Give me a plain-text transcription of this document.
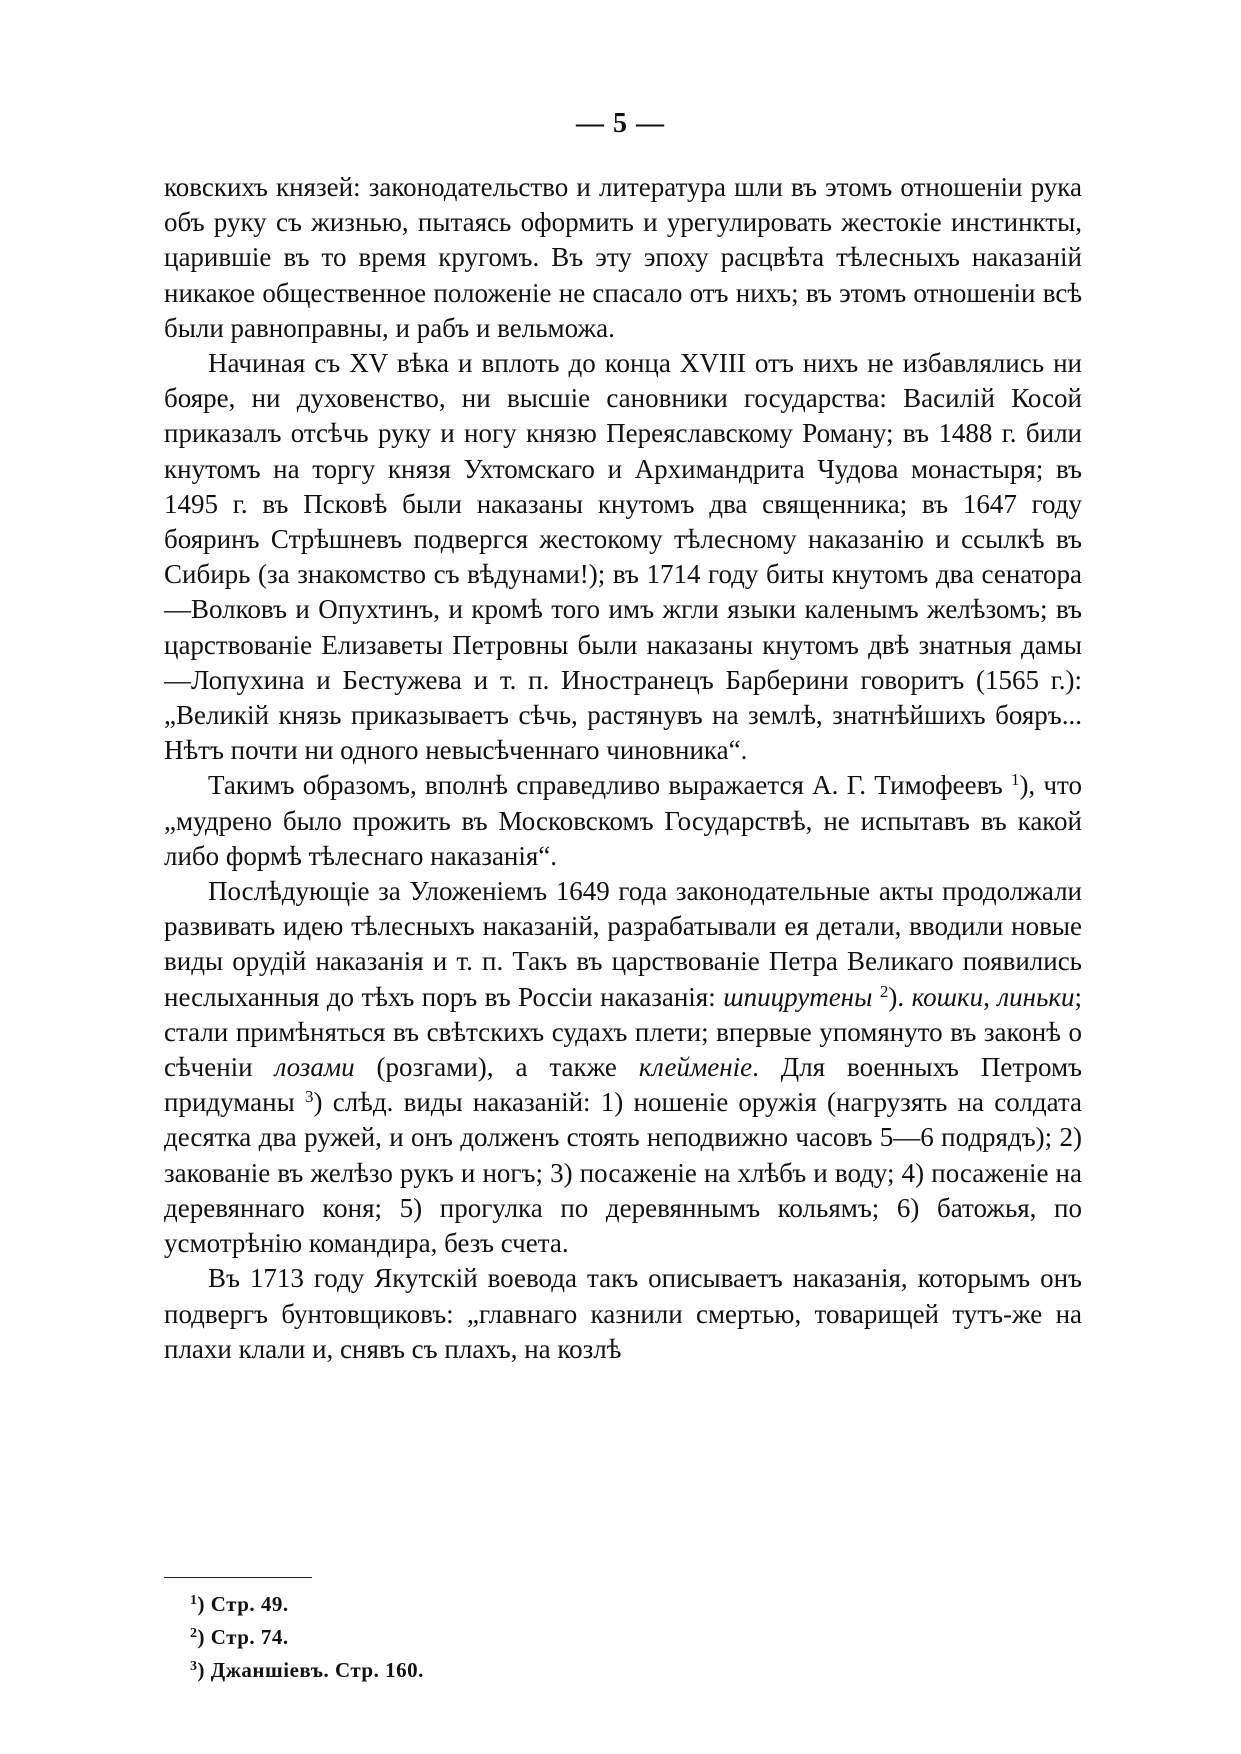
— 5 —

ковскихъ князей: законодательство и литература шли въ этомъ отношеніи рука объ руку съ жизнью, пытаясь оформить и урегулировать жестокіе инстинкты, царившіе въ то время кругомъ. Въ эту эпоху расцвѣта тѣлесныхъ наказаній никакое общественное положеніе не спасало отъ нихъ; въ этомъ отношеніи всѣ были равноправны, и рабъ и вельможа.

Начиная съ XV вѣка и вплоть до конца XVIII отъ нихъ не избавлялись ни бояре, ни духовенство, ни высшіе сановники государства: Василій Косой приказалъ отсѣчь руку и ногу князю Переяславскому Роману; въ 1488 г. били кнутомъ на торгу князя Ухтомскаго и Архимандрита Чудова монастыря; въ 1495 г. въ Псковѣ были наказаны кнутомъ два священника; въ 1647 году бояринъ Стрѣшневъ подвергся жестокому тѣлесному наказанію и ссылкѣ въ Сибирь (за знакомство съ вѣдунами!); въ 1714 году биты кнутомъ два сенатора—Волковъ и Опухтинъ, и кромѣ того имъ жгли языки каленымъ желѣзомъ; въ царствованіе Елизаветы Петровны были наказаны кнутомъ двѣ знатныя дамы—Лопухина и Бестужева и т. п. Иностранецъ Барберини говоритъ (1565 г.): „Великій князь приказываетъ сѣчь, растянувъ на землѣ, знатнѣйшихъ бояръ... Нѣтъ почти ни одного невысѣченнаго чиновника“.

Такимъ образомъ, вполнѣ справедливо выражается А. Г. Тимофеевъ $^1$), что „мудрено было прожить въ Московскомъ Государствѣ, не испытавъ въ какой либо формѣ тѣлеснаго наказанія“.

Послѣдующіе за Уложеніемъ 1649 года законодательные акты продолжали развивать идею тѣлесныхъ наказаній, разрабатывали ея детали, вводили новые виды орудій наказанія и т. п. Такъ въ царствованіе Петра Великаго появились неслыханныя до тѣхъ поръ въ Россіи наказанія: шпицрутены $^2$). кошки, линьки; стали примѣняться въ свѣтскихъ судахъ плети; впервые упомянуто въ законѣ о сѣченіи лозами (розгами), а также клейменіе. Для военныхъ Петромъ придуманы $^3$) слѣд. виды наказаній: 1) ношеніе оружія (нагрузять на солдата десятка два ружей, и онъ долженъ стоять неподвижно часовъ 5—6 подрядъ); 2) закованіе въ желѣзо рукъ и ногъ; 3) посаженіе на хлѣбъ и воду; 4) посаженіе на деревяннаго коня; 5) прогулка по деревяннымъ кольямъ; 6) батожья, по усмотрѣнію командира, безъ счета.

Въ 1713 году Якутскій воевода такъ описываетъ наказанія, которымъ онъ подвергъ бунтовщиковъ: „главнаго казнили смертью, товарищей тутъ-же на плахи клали и, снявъ съ плахъ, на козлѣ

$^1$) Стр. 49.
$^2$) Стр. 74.
$^3$) Джаншіевъ. Стр. 160.
